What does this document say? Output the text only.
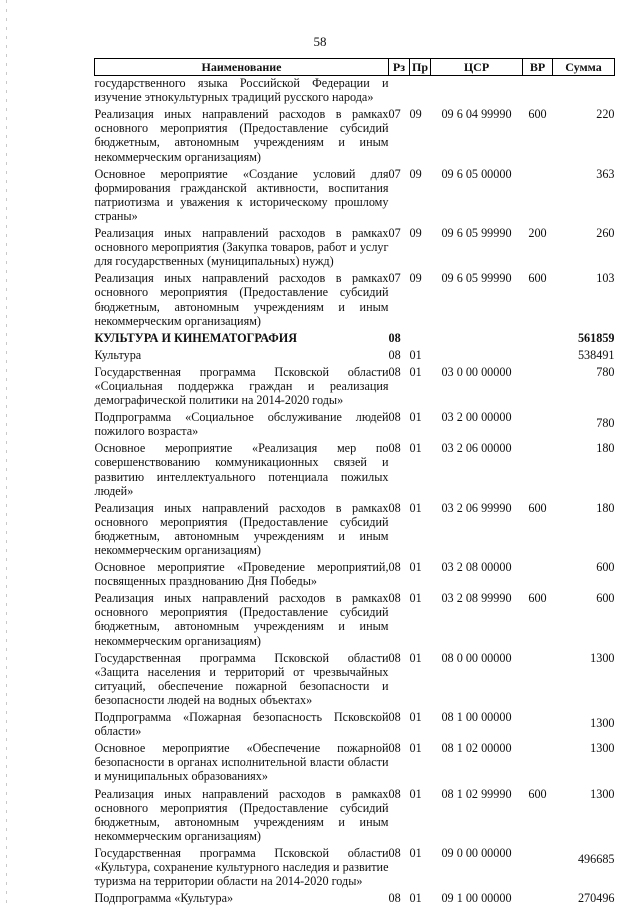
58
Наименование	Рз	Пр	ЦСР	ВР	Сумма
государственного языка Российской Федерации и изучение этнокультурных традиций русского народа»					
Реализация иных направлений расходов в рамках основного мероприятия (Предоставление субсидий бюджетным, автономным учреждениям и иным некоммерческим организациям)	07	09	09 6 04 99990	600	220
Основное мероприятие «Создание условий для формирования гражданской активности, воспитания патриотизма и уважения к историческому прошлому страны»	07	09	09 6 05 00000		363
Реализация иных направлений расходов в рамках основного мероприятия (Закупка товаров, работ и услуг для государственных (муниципальных) нужд)	07	09	09 6 05 99990	200	260
Реализация иных направлений расходов в рамках основного мероприятия (Предоставление субсидий бюджетным, автономным учреждениям и иным некоммерческим организациям)	07	09	09 6 05 99990	600	103
КУЛЬТУРА И КИНЕМАТОГРАФИЯ	08				561859
Культура	08	01			538491
Государственная программа Псковской области «Социальная поддержка граждан и реализация демографической политики на 2014-2020 годы»	08	01	03 0 00 00000		780
Подпрограмма «Социальное обслуживание людей пожилого возраста»	08	01	03 2 00 00000		780
Основное мероприятие «Реализация мер по совершенствованию коммуникационных связей и развитию интеллектуального потенциала пожилых людей»	08	01	03 2 06 00000		180
Реализация иных направлений расходов в рамках основного мероприятия (Предоставление субсидий бюджетным, автономным учреждениям и иным некоммерческим организациям)	08	01	03 2 06 99990	600	180
Основное мероприятие «Проведение мероприятий, посвященных празднованию Дня Победы»	08	01	03 2 08 00000		600
Реализация иных направлений расходов в рамках основного мероприятия (Предоставление субсидий бюджетным, автономным учреждениям и иным некоммерческим организациям)	08	01	03 2 08 99990	600	600
Государственная программа Псковской области «Защита населения и территорий от чрезвычайных ситуаций, обеспечение пожарной безопасности и безопасности людей на водных объектах»	08	01	08 0 00 00000		1300
Подпрограмма «Пожарная безопасность Псковской области»	08	01	08 1 00 00000		1300
Основное мероприятие «Обеспечение пожарной безопасности в органах исполнительной власти области и муниципальных образованиях»	08	01	08 1 02 00000		1300
Реализация иных направлений расходов в рамках основного мероприятия (Предоставление субсидий бюджетным, автономным учреждениям и иным некоммерческим организациям)	08	01	08 1 02 99990	600	1300
Государственная программа Псковской области «Культура, сохранение культурного наследия и развитие туризма на территории области на 2014-2020 годы»	08	01	09 0 00 00000		496685
Подпрограмма «Культура»	08	01	09 1 00 00000		270496
